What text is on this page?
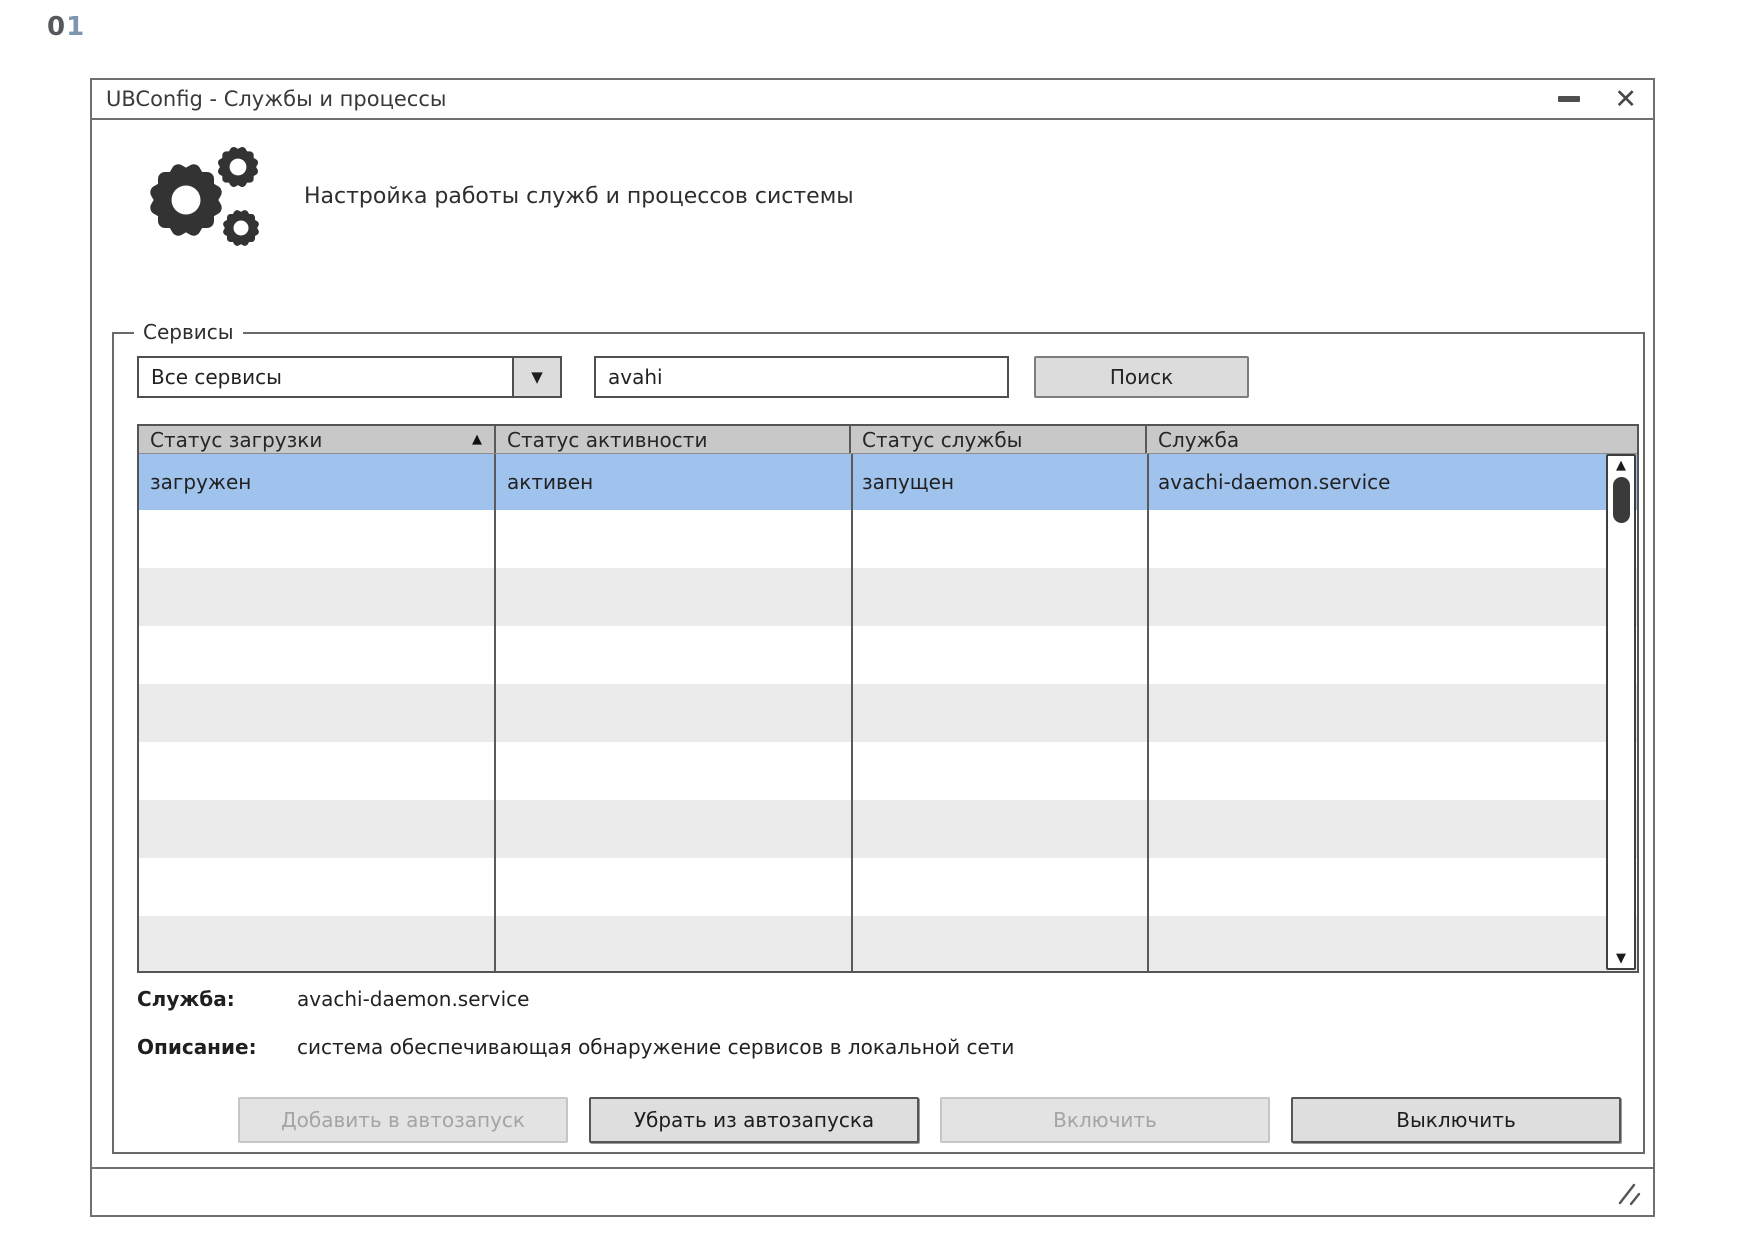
01
UBConfig - Службы и процессы	✕
Настройка работы служб и процессов системы
Сервисы
Все сервисы	▼
avahi	Поиск
Статус загрузки	▲ Статус активности	Статус службы	Служба
загружен	активен	запущен	avachi-daemon.service
▲
▼
Служба:	avachi-daemon.service
Описание:	система обеспечивающая обнаружение сервисов в локальной сети
Добавить в автозапуск	Убрать из автозапуска	Включить	Выключить
